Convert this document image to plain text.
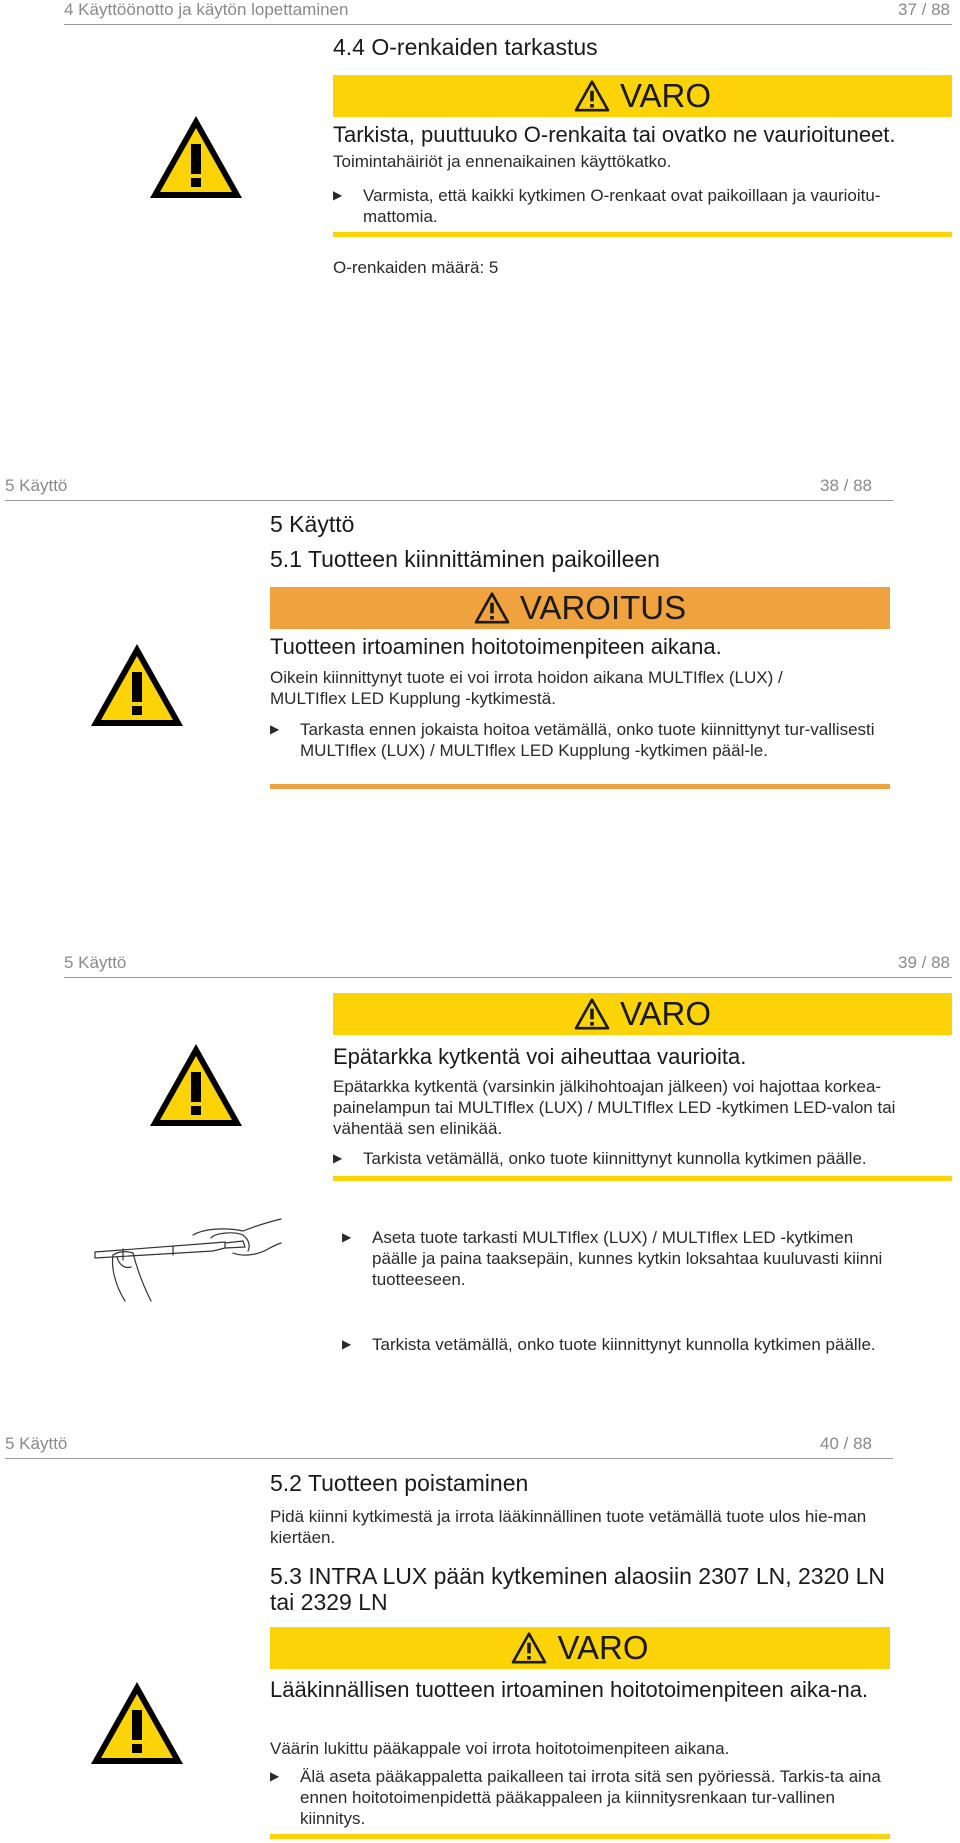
4 Käyttöönotto ja käytön lopettaminen	37 / 88
4.4 O-renkaiden tarkastus
VARO
Tarkista, puuttuuko O-renkaita tai ovatko ne vaurioituneet.
Toimintahäiriöt ja ennenaikainen käyttökatko.
▶ Varmista, että kaikki kytkimen O-renkaat ovat paikoillaan ja vaurioitu-mattomia.
O-renkaiden määrä: 5
5 Käyttö	38 / 88
5 Käyttö
5.1 Tuotteen kiinnittäminen paikoilleen
VAROITUS
Tuotteen irtoaminen hoitotoimenpiteen aikana.
Oikein kiinnittynyt tuote ei voi irrota hoidon aikana MULTIflex (LUX) / MULTIflex LED Kupplung -kytkimestä.
▶ Tarkasta ennen jokaista hoitoa vetämällä, onko tuote kiinnittynyt tur-vallisesti MULTIflex (LUX) / MULTIflex LED Kupplung -kytkimen pääl-le.
5 Käyttö	39 / 88
VARO
Epätarkka kytkentä voi aiheuttaa vaurioita.
Epätarkka kytkentä (varsinkin jälkihohtoajan jälkeen) voi hajottaa korkea-painelampun tai MULTIflex (LUX) / MULTIflex LED -kytkimen LED-valon tai vähentää sen elinikää.
▶ Tarkista vetämällä, onko tuote kiinnittynyt kunnolla kytkimen päälle.
▶ Aseta tuote tarkasti MULTIflex (LUX) / MULTIflex LED -kytkimen päälle ja paina taaksepäin, kunnes kytkin loksahtaa kuuluvasti kiinni tuotteeseen.
▶ Tarkista vetämällä, onko tuote kiinnittynyt kunnolla kytkimen päälle.
5 Käyttö	40 / 88
5.2 Tuotteen poistaminen
Pidä kiinni kytkimestä ja irrota lääkinnällinen tuote vetämällä tuote ulos hie-man kiertäen.
5.3 INTRA LUX pään kytkeminen alaosiin 2307 LN, 2320 LN tai 2329 LN
VARO
Lääkinnällisen tuotteen irtoaminen hoitotoimenpiteen aika-na.
Väärin lukittu pääkappale voi irrota hoitotoimenpiteen aikana.
▶ Älä aseta pääkappaletta paikalleen tai irrota sitä sen pyöriessä. Tarkis-ta aina ennen hoitotoimenpidettä pääkappaleen ja kiinnitysrenkaan tur-vallinen kiinnitys.
